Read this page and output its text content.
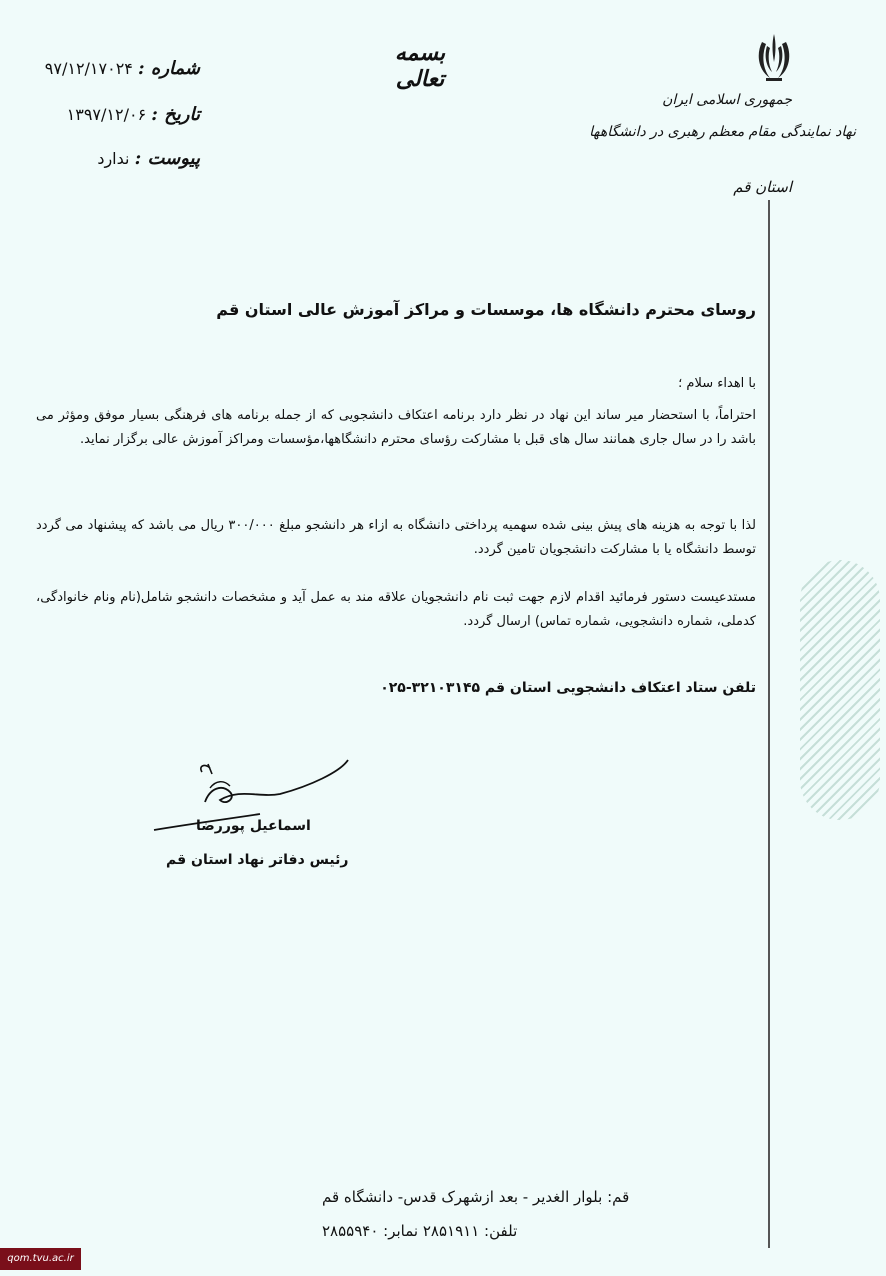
جمهوری اسلامی ایران
نهاد نمایندگی مقام معظم رهبری در دانشگاهها
استان قم
بسمه تعالی
شماره : ۹۷/۱۲/۱۷۰۲۴
تاریخ : ۱۳۹۷/۱۲/۰۶
پیوست : ندارد
روسای محترم دانشگاه ها، موسسات و مراکز آموزش عالی استان قم
با اهداء سلام ؛
احتراماً، با استحضار میر ساند این نهاد در نظر دارد برنامه اعتکاف دانشجویی که از جمله برنامه های فرهنگی بسیار موفق ومؤثر می باشد را در سال جاری همانند سال های قبل با مشارکت رؤسای محترم دانشگاهها،مؤسسات ومراکز آموزش عالی برگزار نماید.
لذا با توجه به هزینه های پیش بینی شده سهمیه پرداختی دانشگاه به ازاء هر دانشجو مبلغ ۳۰۰/۰۰۰ ریال می باشد که پیشنهاد می گردد توسط دانشگاه یا با مشارکت دانشجویان تامین گردد.
مستدعیست دستور فرمائید اقدام لازم جهت ثبت نام دانشجویان علاقه مند به عمل آید و مشخصات دانشجو شامل(نام ونام خانوادگی، کدملی، شماره دانشجویی، شماره تماس) ارسال گردد.
تلفن ستاد اعتکاف دانشجویی استان قم ۳۲۱۰۳۱۴۵-۰۲۵
اسماعیل پوررضا
رئیس دفاتر نهاد استان قم
قم: بلوار الغدیر - بعد ازشهرک قدس- دانشگاه قم
تلفن: ۲۸۵۱۹۱۱ نمابر: ۲۸۵۵۹۴۰
qom.tvu.ac.ir
